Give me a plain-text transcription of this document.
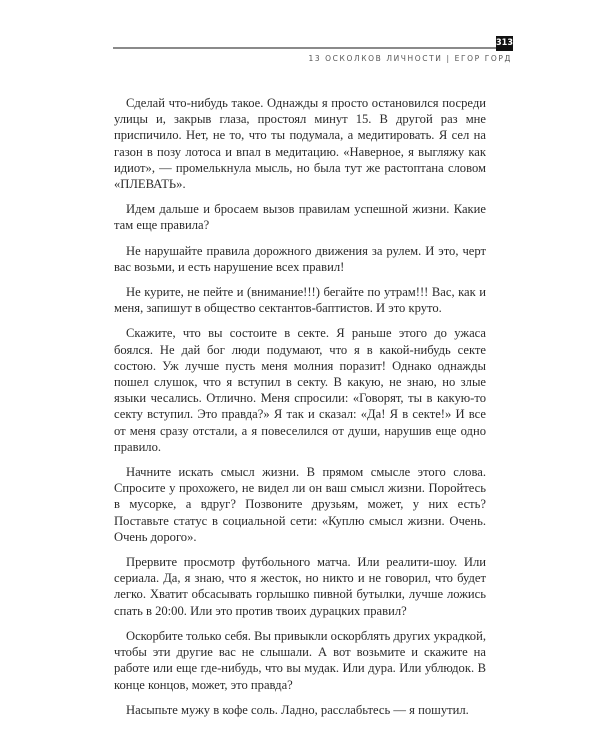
313
13 ОСКОЛКОВ ЛИЧНОСТИ | ЕГОР ГОРД

Сделай что-нибудь такое. Однажды я просто остановился посреди улицы и, закрыв глаза, простоял минут 15. В другой раз мне приспичило. Нет, не то, что ты подумала, а медитировать. Я сел на газон в позу лотоса и впал в медитацию. «Наверное, я выгляжу как идиот», — промелькнула мысль, но была тут же растоптана словом «ПЛЕВАТЬ».

Идем дальше и бросаем вызов правилам успешной жизни. Какие там еще правила?

Не нарушайте правила дорожного движения за рулем. И это, черт вас возьми, и есть нарушение всех правил!

Не курите, не пейте и (внимание!!!) бегайте по утрам!!! Вас, как и меня, запишут в общество сектантов-баптистов. И это круто.

Скажите, что вы состоите в секте. Я раньше этого до ужаса боялся. Не дай бог люди подумают, что я в какой-нибудь секте состою. Уж лучше пусть меня молния поразит! Однако однажды пошел слушок, что я вступил в секту. В какую, не знаю, но злые языки чесались. Отлично. Меня спросили: «Говорят, ты в какую-то секту вступил. Это правда?» Я так и сказал: «Да! Я в секте!» И все от меня сразу отстали, а я повеселился от души, нарушив еще одно правило.

Начните искать смысл жизни. В прямом смысле этого слова. Спросите у прохожего, не видел ли он ваш смысл жизни. Поройтесь в мусорке, а вдруг? Позвоните друзьям, может, у них есть? Поставьте статус в социальной сети: «Куплю смысл жизни. Очень. Очень дорого».

Прервите просмотр футбольного матча. Или реалити-шоу. Или сериала. Да, я знаю, что я жесток, но никто и не говорил, что будет легко. Хватит обсасывать горлышко пивной бутылки, лучше ложись спать в 20:00. Или это против твоих дурацких правил?

Оскорбите только себя. Вы привыкли оскорблять других украдкой, чтобы эти другие вас не слышали. А вот возьмите и скажите на работе или еще где-нибудь, что вы мудак. Или дура. Или ублюдок. В конце концов, может, это правда?

Насыпьте мужу в кофе соль. Ладно, расслабьтесь — я пошутил.
